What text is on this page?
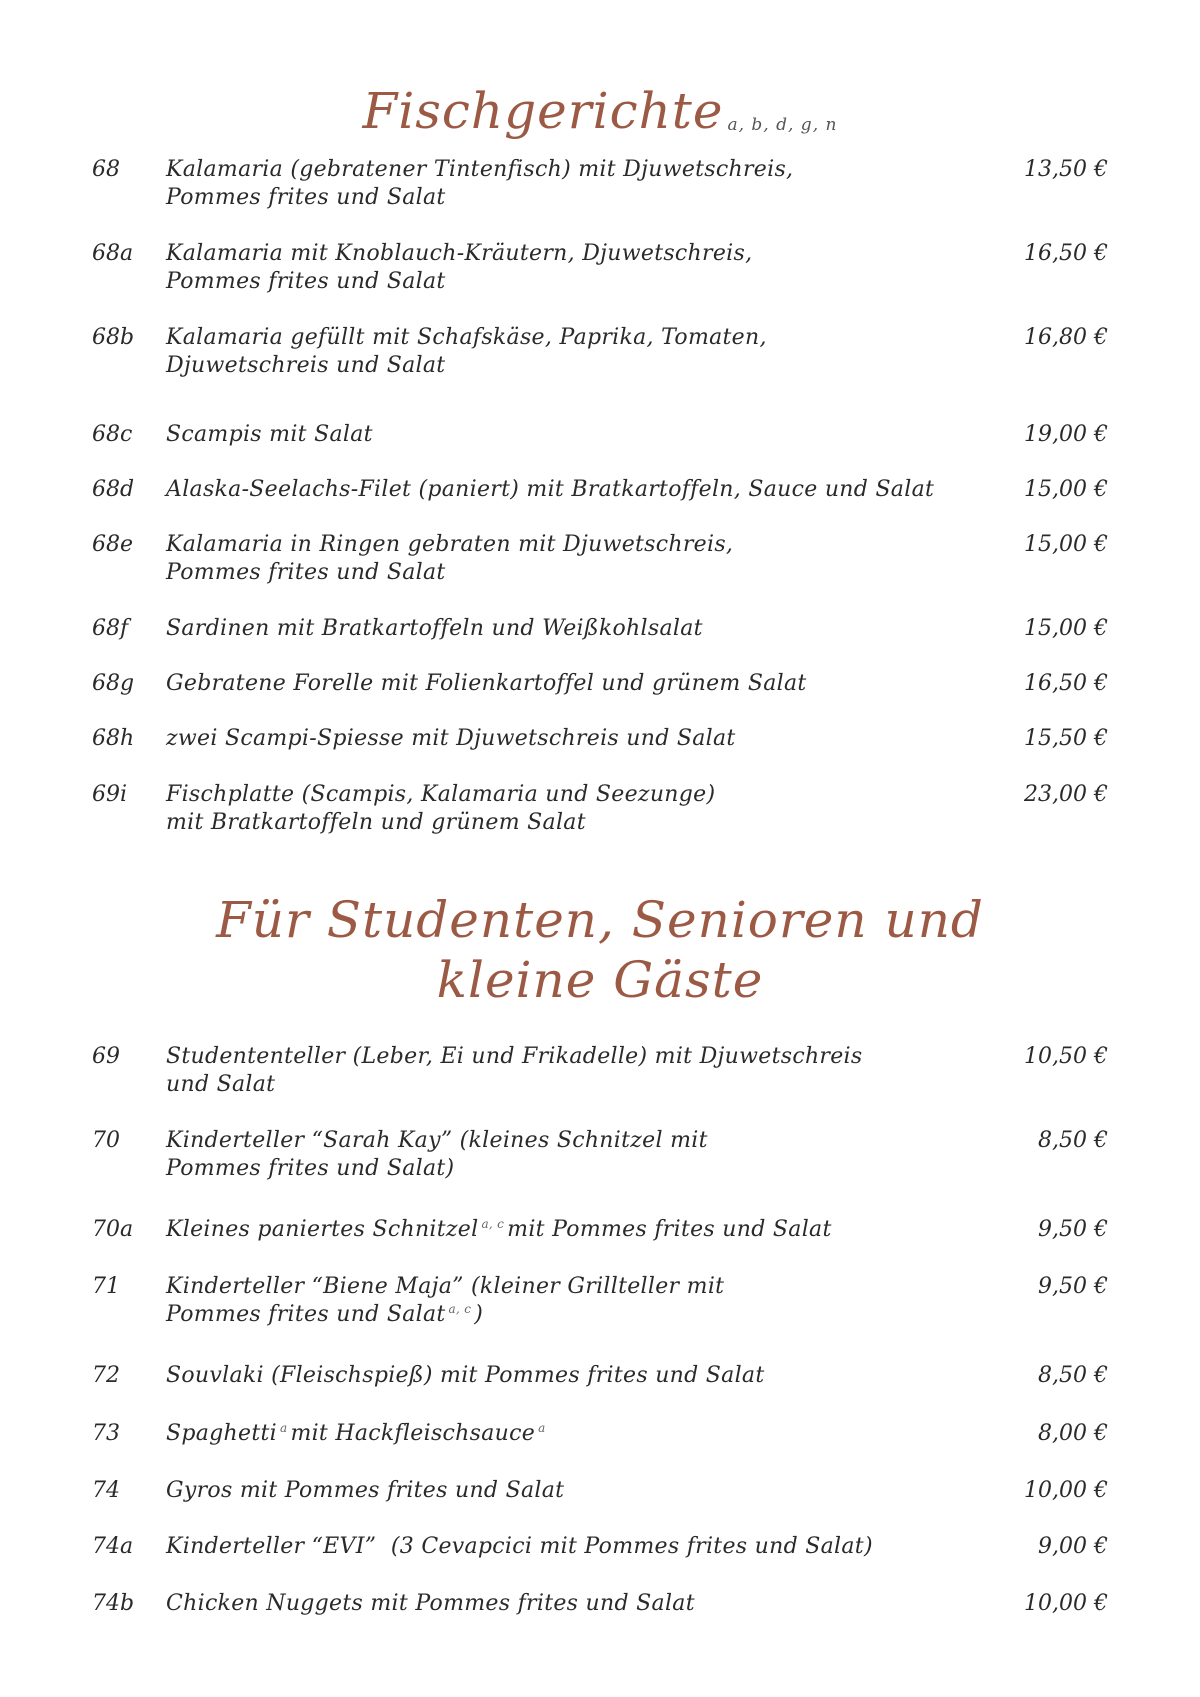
Fischgerichte $^{a, b, d, g, n}$
68 Kalamaria (gebratener Tintenfisch) mit Djuwetschreis,
Pommes frites und Salat
13,50 €
68a Kalamaria mit Knoblauch-Kräutern, Djuwetschreis,
Pommes frites und Salat
16,50 €
68b Kalamaria gefüllt mit Schafskäse, Paprika, Tomaten,
Djuwetschreis und Salat
16,80 €
68c Scampis mit Salat	19,00 €
68d Alaska-Seelachs-Filet (paniert) mit Bratkartoffeln, Sauce und Salat	15,00 €
68e Kalamaria in Ringen gebraten mit Djuwetschreis,
Pommes frites und Salat
15,00 €
68f Sardinen mit Bratkartoffeln und Weißkohlsalat	15,00 €
68g Gebratene Forelle mit Folienkartoffel und grünem Salat	16,50 €
68h zwei Scampi-Spiesse mit Djuwetschreis und Salat	15,50 €
69i Fischplatte (Scampis, Kalamaria und Seezunge)
mit Bratkartoffeln und grünem Salat
23,00 €
Für Studenten, Senioren und
kleine Gäste
69 Studententeller (Leber, Ei und Frikadelle) mit Djuwetschreis
und Salat
10,50 €
70 Kinderteller “Sarah Kay” (kleines Schnitzel mit
Pommes frites und Salat)
8,50 €
70a Kleines paniertes Schnitzel $^{a, c}$ mit Pommes frites und Salat	9,50 €
71 Kinderteller “Biene Maja” (kleiner Grillteller mit
Pommes frites und Salat $^{a, c}$ )
9,50 €
72 Souvlaki (Fleischspieß) mit Pommes frites und Salat	8,50 €
73 Spaghetti $^a$ mit Hackfleischsauce $^a$	8,00 €
74 Gyros mit Pommes frites und Salat	10,00 €
74a Kinderteller “EVI”  (3 Cevapcici mit Pommes frites und Salat)	9,00 €
74b Chicken Nuggets mit Pommes frites und Salat	10,00 €
